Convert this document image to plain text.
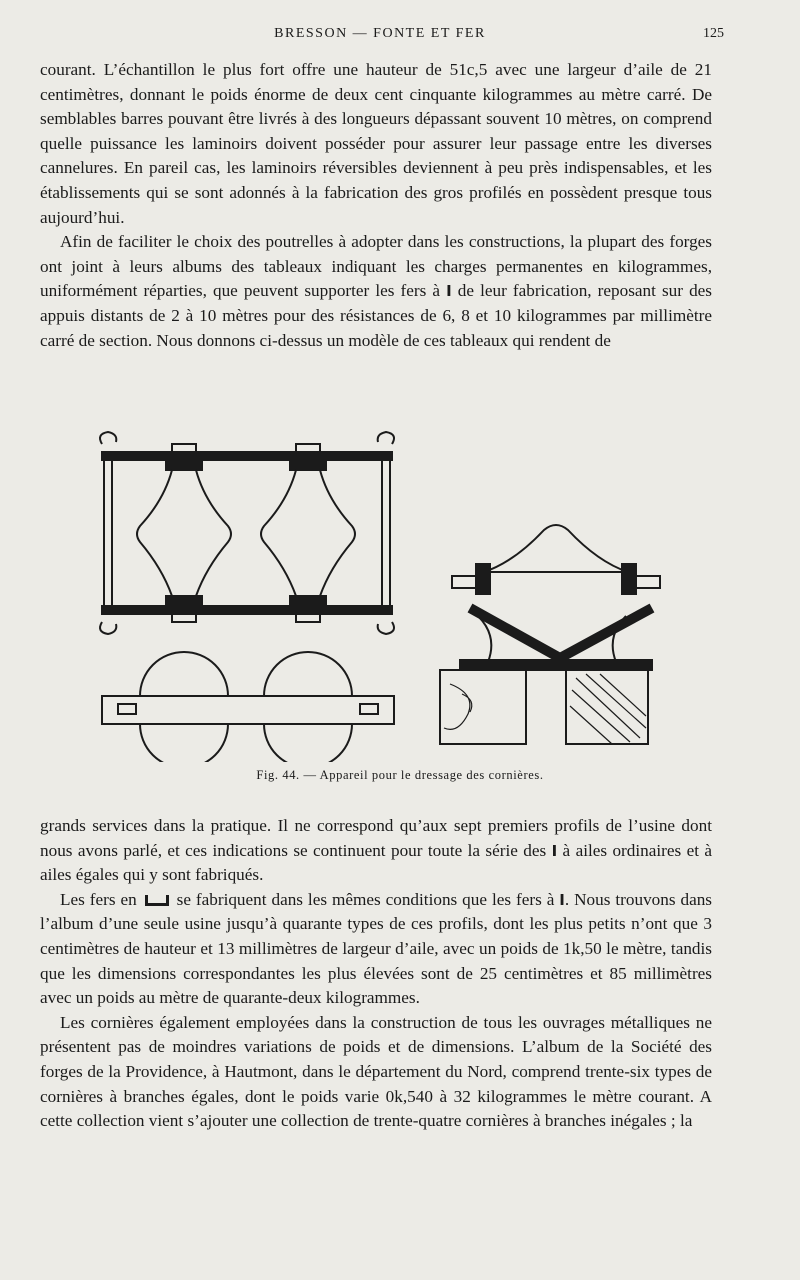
BRESSON — FONTE ET FER	125

courant. L’échantillon le plus fort offre une hauteur de 51c,5 avec une largeur d’aile de 21 centimètres, donnant le poids énorme de deux cent cinquante kilogrammes au mètre carré. De semblables barres pouvant être livrés à des longueurs dépassant souvent 10 mètres, on comprend quelle puissance les laminoirs doivent posséder pour assurer leur passage entre les diverses cannelures. En pareil cas, les laminoirs réversibles deviennent à peu près indispensables, et les établissements qui se sont adonnés à la fabrication des gros profilés en possèdent presque tous aujourd’hui.

Afin de faciliter le choix des poutrelles à adopter dans les constructions, la plupart des forges ont joint à leurs albums des tableaux indiquant les charges permanentes en kilogrammes, uniformément réparties, que peuvent supporter les fers à I de leur fabrication, reposant sur des appuis distants de 2 à 10 mètres pour des résistances de 6, 8 et 10 kilogrammes par millimètre carré de section. Nous donnons ci-dessus un modèle de ces tableaux qui rendent de

Fig. 44. — Appareil pour le dressage des cornières.

grands services dans la pratique. Il ne correspond qu’aux sept premiers profils de l’usine dont nous avons parlé, et ces indications se continuent pour toute la série des I à ailes ordinaires et à ailes égales qui y sont fabriqués.

Les fers en  se fabriquent dans les mêmes conditions que les fers à I. Nous trouvons dans l’album d’une seule usine jusqu’à quarante types de ces profils, dont les plus petits n’ont que 3 centimètres de hauteur et 13 millimètres de largeur d’aile, avec un poids de 1k,50 le mètre, tandis que les dimensions correspondantes les plus élevées sont de 25 centimètres et 85 millimètres avec un poids au mètre de quarante-deux kilogrammes.

Les cornières également employées dans la construction de tous les ouvrages métalliques ne présentent pas de moindres variations de poids et de dimensions. L’album de la Société des forges de la Providence, à Hautmont, dans le département du Nord, comprend trente-six types de cornières à branches égales, dont le poids varie 0k,540 à 32 kilogrammes le mètre courant. A cette collection vient s’ajouter une collection de trente-quatre cornières à branches inégales ; la
